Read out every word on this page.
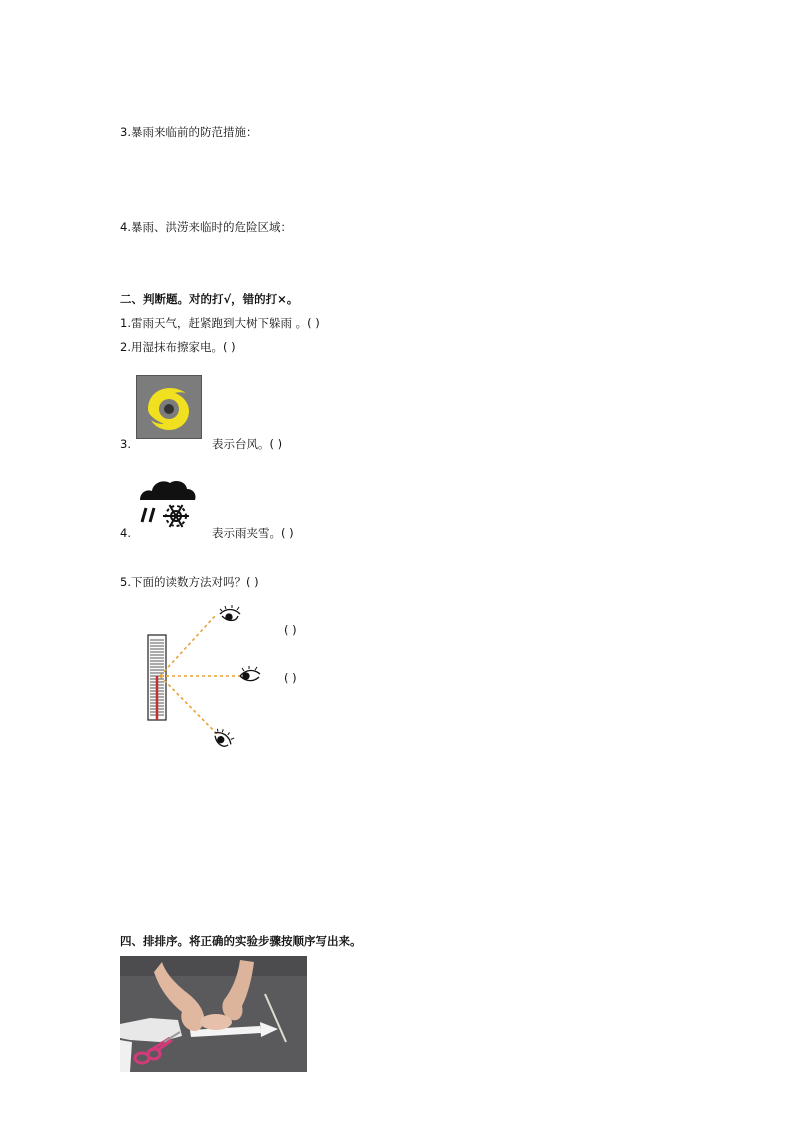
3.暴雨来临前的防范措施：
4.暴雨、洪涝来临时的危险区域：
二、判断题。对的打√，错的打×。
1.雷雨天气，赶紧跑到大树下躲雨 。( )
2.用湿抹布擦家电。( )
3.	表示台风。( )
4.	表示雨夹雪。( )
5.下面的读数方法对吗？( )
( )
( )
四、排排序。将正确的实验步骤按顺序写出来。
